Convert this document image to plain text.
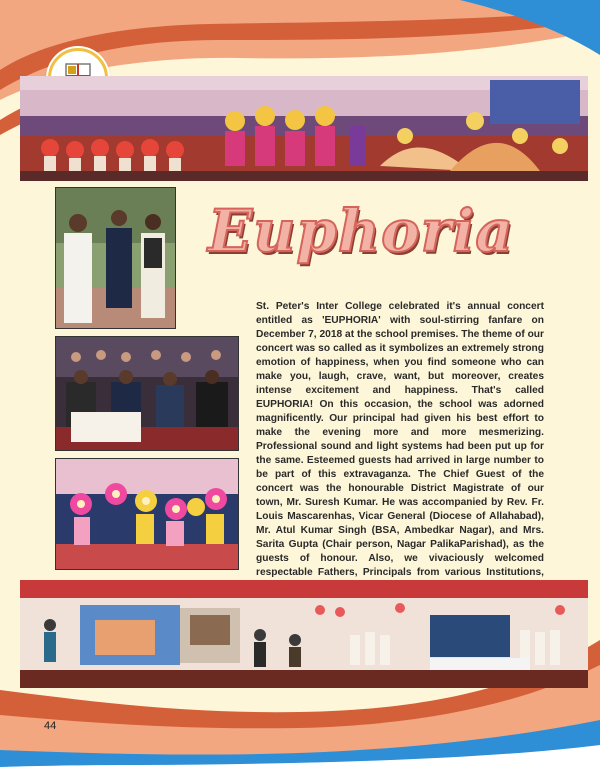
Euphoria
St. Peter's Inter College celebrated it's annual concert entitled as 'EUPHORIA' with soul-stirring fanfare on December 7, 2018 at the school premises. The theme of our concert was so called as it symbolizes an extremely strong emotion of happiness, when you find someone who can make you, laugh, crave, want, but moreover, creates intense excitement and happiness. That's called EUPHORIA! On this occasion, the school was adorned magnificently. Our principal had given his best effort to make the evening more and more mesmerizing. Professional sound and light systems had been put up for the same. Esteemed guests had arrived in large number to be part of this extravaganza. The Chief Guest of the concert was the honourable District Magistrate of our town, Mr. Suresh Kumar. He was accompanied by Rev. Fr. Louis Mascarenhas, Vicar General (Diocese of Allahabad), Mr. Atul Kumar Singh (BSA, Ambedkar Nagar), and Mrs. Sarita Gupta (Chair person, Nagar PalikaParishad), as the guests of honour. Also, we vivaciously welcomed respectable Fathers, Principals from various Institutions,
44
